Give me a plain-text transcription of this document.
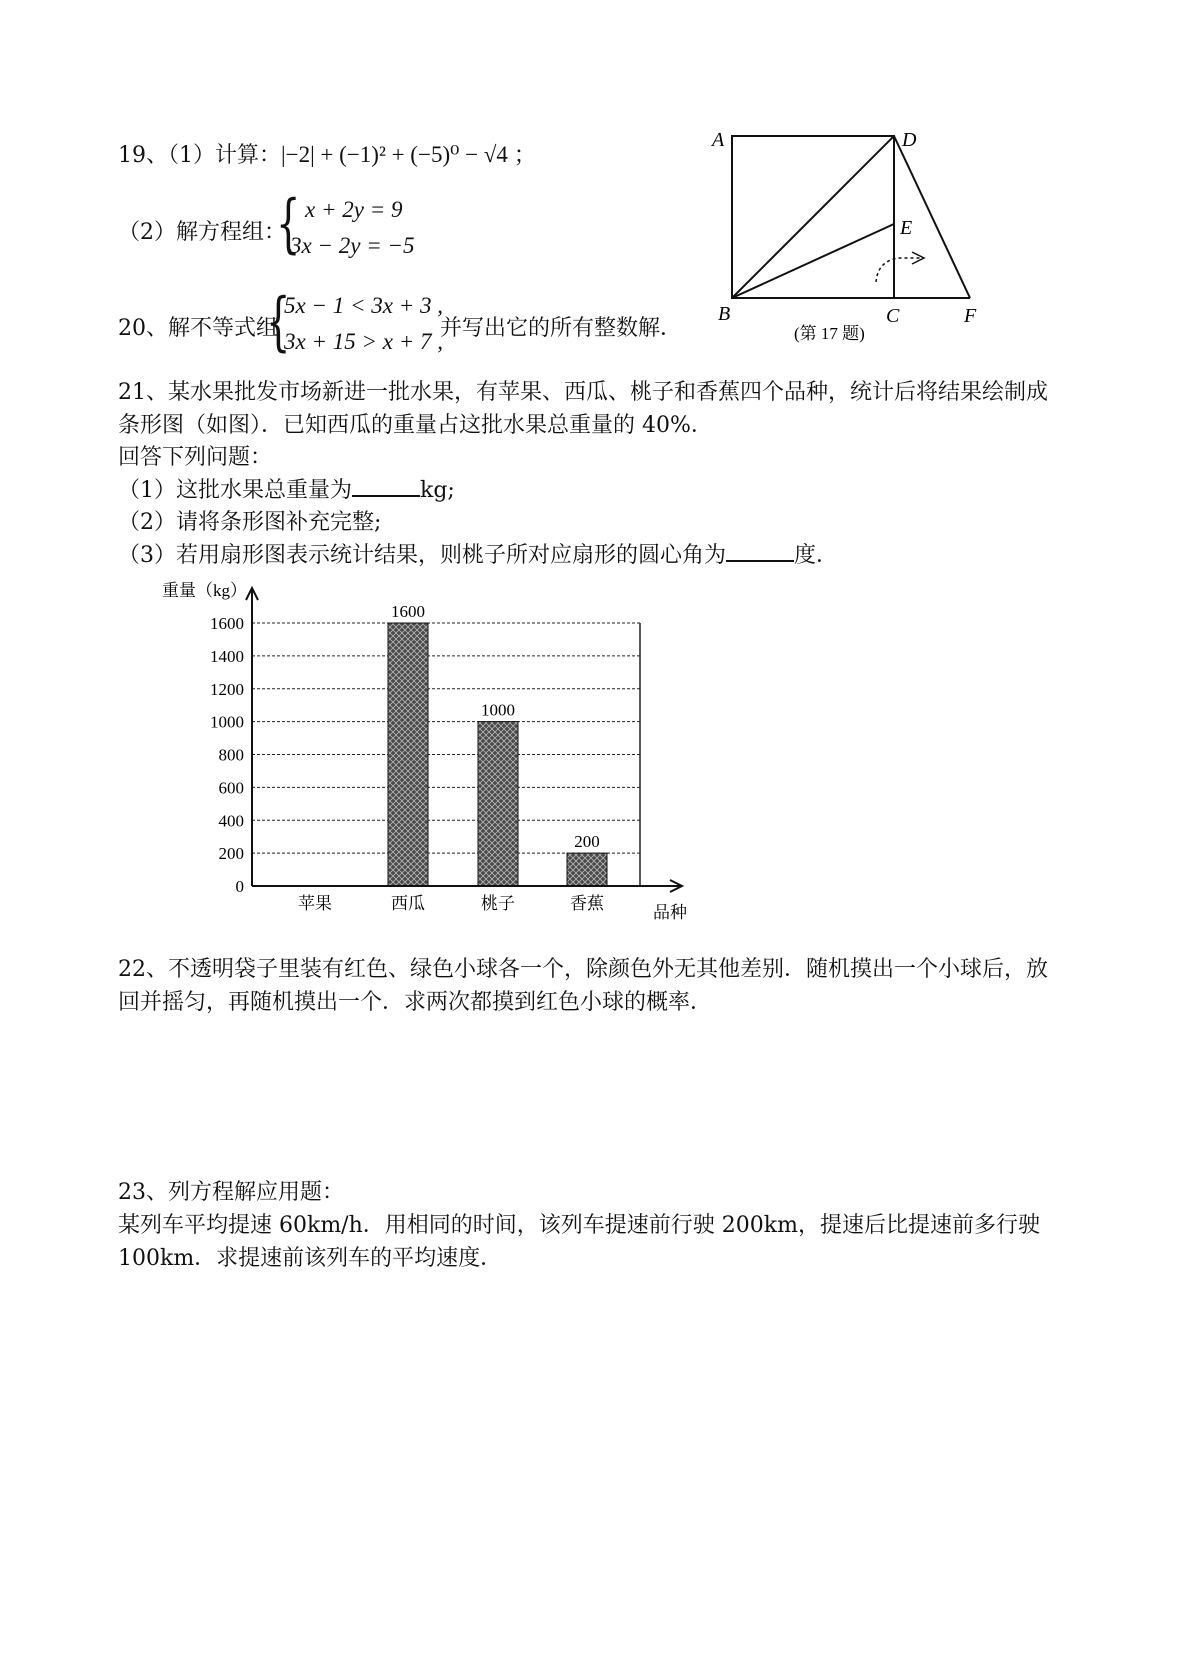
19、（1）计算：|−2| + (−1)² + (−5)⁰ − √4 ；
（2）解方程组：
{ x + 2y = 9
3x − 2y = −5
20、解不等式组
{
5x − 1 < 3x + 3 ,
3x + 15 > x + 7 ,
并写出它的所有整数解．
A	D
E
B	C	F
(第 17 题)
21、某水果批发市场新进一批水果，有苹果、西瓜、桃子和香蕉四个品种，统计后将结果绘制成
条形图（如图）．已知西瓜的重量占这批水果总重量的 40%．
回答下列问题：
（1）这批水果总重量为	kg;
（2）请将条形图补充完整;
（3）若用扇形图表示统计结果，则桃子所对应扇形的圆心角为	度．
1600
1000
200
0
200
400
600
800
1000
1200
1400
1600
苹果	西瓜	桃子	香蕉
重量（kg）
品种
22、不透明袋子里装有红色、绿色小球各一个，除颜色外无其他差别．随机摸出一个小球后，放
回并摇匀，再随机摸出一个．求两次都摸到红色小球的概率．
23、列方程解应用题：
某列车平均提速 60km/h．用相同的时间，该列车提速前行驶 200km，提速后比提速前多行驶
100km．求提速前该列车的平均速度．
